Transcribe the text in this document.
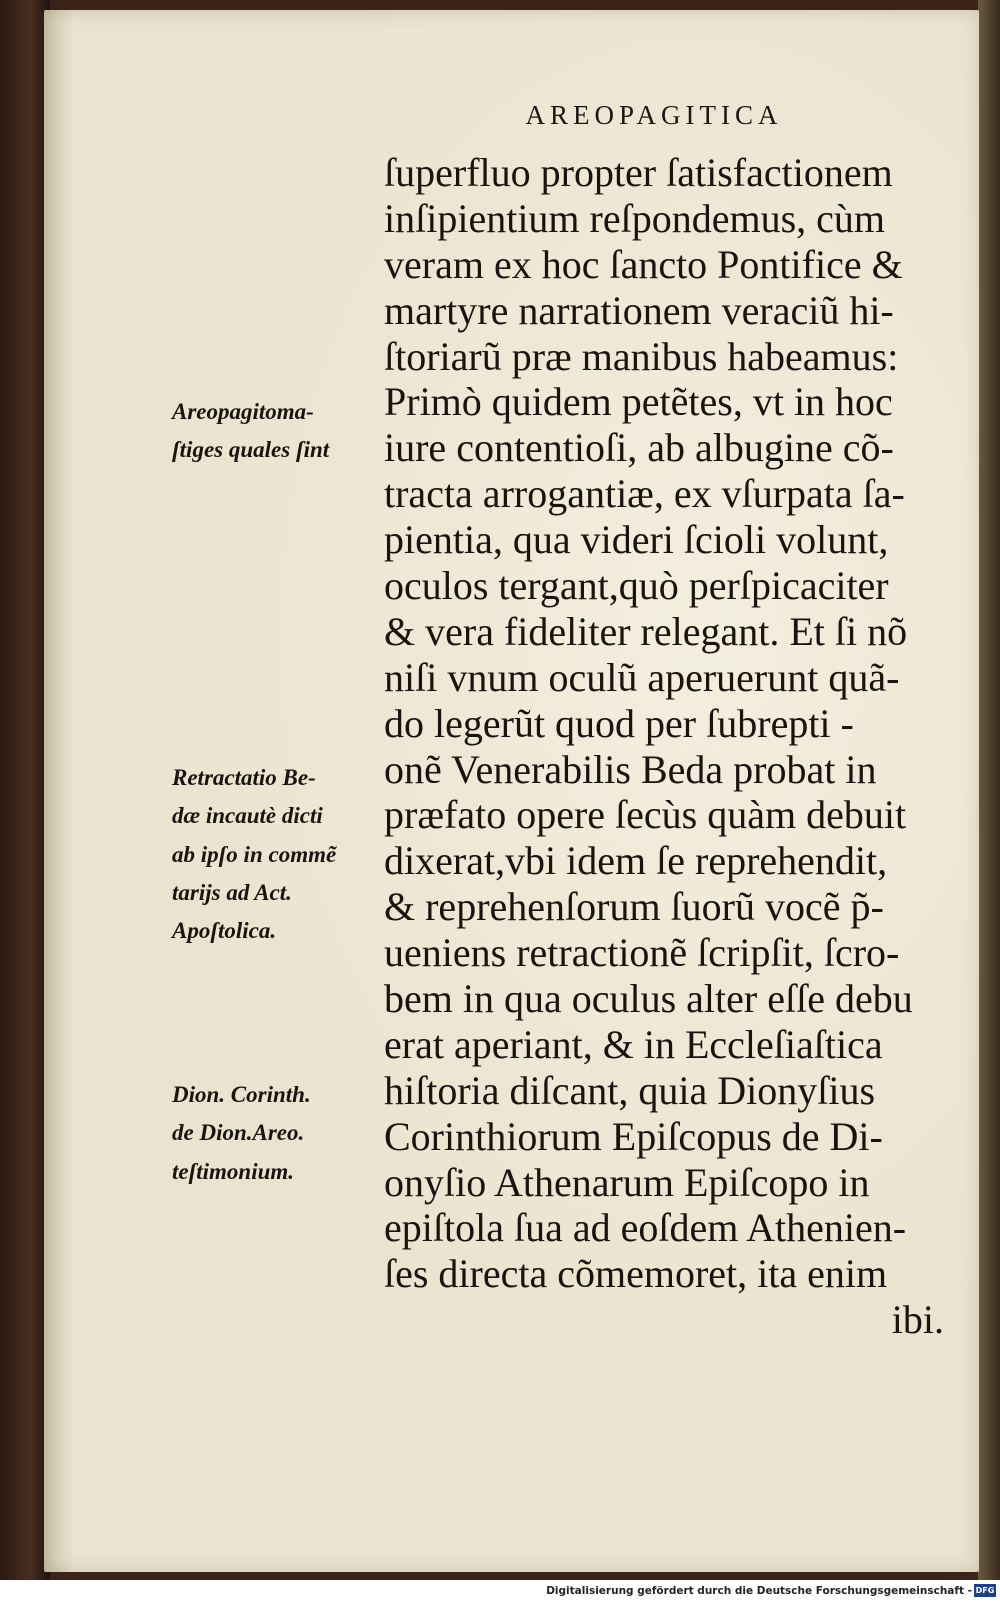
AREOPAGITICA
ſuperfluo propter ſatisfactionem
inſipientium reſpondemus, cùm
veram ex hoc ſancto Pontifice &
martyre narrationem veraciũ hi-
ſtoriarũ præ manibus habeamus:
Primò quidem petẽtes, vt in hoc
iure contentioſi, ab albugine cõ-
tracta arrogantiæ, ex vſurpata ſa-
pientia, qua videri ſcioli volunt,
oculos tergant,quò perſpicaciter
& vera fideliter relegant. Et ſi nõ
niſi vnum oculũ aperuerunt quã-
do legerũt quod per ſubrepti -
onẽ Venerabilis Beda probat in
præfato opere ſecùs quàm debuit
dixerat,vbi idem ſe reprehendit,
& reprehenſorum ſuorũ vocẽ p̃-
ueniens retractionẽ ſcripſit, ſcro-
bem in qua oculus alter eſſe debu
erat aperiant, & in Eccleſiaſtica
hiſtoria diſcant, quia Dionyſius
Corinthiorum Epiſcopus de Di-
onyſio Athenarum Epiſcopo in
epiſtola ſua ad eoſdem Athenien-
ſes directa cõmemoret, ita enim
ibi.
Areopagitoma-
ſtiges quales ſint
Retractatio Be-
dæ incautè dicti
ab ipſo in commẽ
tarijs ad Act.
Apoſtolica.
Dion. Corinth.
de Dion.Areo.
teſtimonium.
Digitalisierung gefördert durch die Deutsche Forschungsgemeinschaft - DFG
